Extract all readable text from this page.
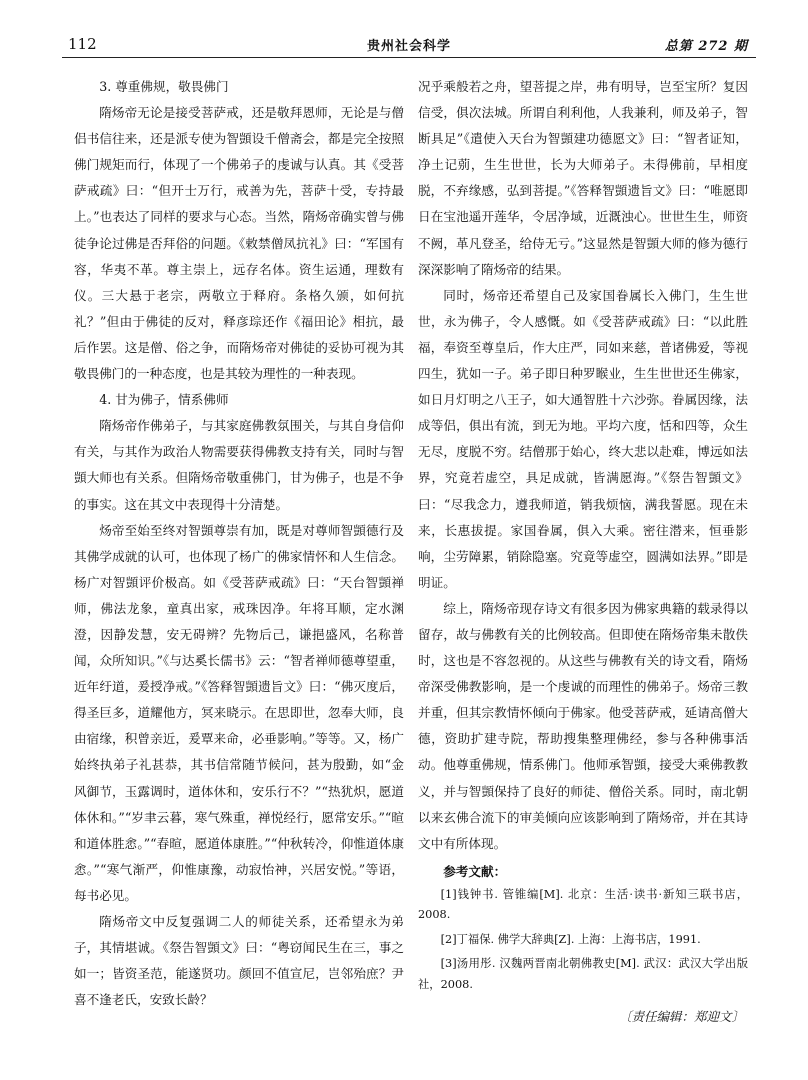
112	贵州社会科学	总第 272 期

3. 尊重佛规，敬畏佛门

隋炀帝无论是接受菩萨戒，还是敬拜恩师，无论是与僧侣书信往来，还是派专使为智顗设千僧斋会，都是完全按照佛门规矩而行，体现了一个佛弟子的虔诚与认真。其《受菩萨戒疏》曰：“但开士万行，戒善为先，菩萨十受，专持最上。”也表达了同样的要求与心态。当然，隋炀帝确实曾与佛徒争论过佛是否拜俗的问题。《敕禁僧凤抗礼》曰：“军国有容，华夷不革。尊主崇上，远存名体。资生运通，理数有仪。三大悬于老宗，两敬立于释府。条格久颁，如何抗礼？”但由于佛徒的反对，释彦琮还作《福田论》相抗，最后作罢。这是僧、俗之争，而隋炀帝对佛徒的妥协可视为其敬畏佛门的一种态度，也是其较为理性的一种表现。

4. 甘为佛子，情系佛师

隋炀帝作佛弟子，与其家庭佛教氛围关，与其自身信仰有关，与其作为政治人物需要获得佛教支持有关，同时与智顗大师也有关系。但隋炀帝敬重佛门，甘为佛子，也是不争的事实。这在其文中表现得十分清楚。

炀帝至始至终对智顗尊崇有加，既是对尊师智顗德行及其佛学成就的认可，也体现了杨广的佛家情怀和人生信念。杨广对智顗评价极高。如《受菩萨戒疏》曰：“天台智顗禅师，佛法龙象，童真出家，戒珠因净。年将耳顺，定水渊澄，因静发慧，安无碍辨？先物后己，谦挹盛风，名称普闻，众所知识。”《与达奚长儒书》云：“智者禅师德尊望重，近年纡道，爰授净戒。”《答释智顗遗旨文》曰：“佛灭度后，得圣巨多，道耀他方，冥来晓示。在思即世，忽奉大师，良由宿缘，积曾亲近，爰覃来命，必垂影响。”等等。又，杨广始终执弟子礼甚恭，其书信常随节候问，甚为殷勤，如“金风御节，玉露调时，道体休和，安乐行不？”“热犹炽，愿道体休和。”“岁聿云暮，寒气殊重，禅悦经行，愿常安乐。”“暄和道体胜悆。”“春暄，愿道体康胜。”“仲秋转冷，仰惟道体康悆。”“寒气渐严，仰惟康豫，动寂怡神，兴居安悦。”等语，每书必见。

隋炀帝文中反复强调二人的师徒关系，还希望永为弟子，其情堪诚。《祭告智顗文》曰：“粤窃闻民生在三，事之如一；皆资圣范，能遂贤功。颜回不值宣尼，岂邻殆庶？尹喜不逢老氏，安致长龄？

况乎乘般若之舟，望菩提之岸，弗有明导，岂至宝所？复因信受，俱次法城。所谓自利利他，人我兼利，师及弟子，智断具足”《遣使入天台为智顗建功德愿文》曰：“智者证知，净土记莂，生生世世，长为大师弟子。未得佛前，早相度脱，不弃缘感，弘到菩提。”《答释智顗遗旨文》曰：“唯愿即日在宝池遥开莲华，令居净域，近溉浊心。世世生生，师资不阙，革凡登圣，给侍无亏。”这显然是智顗大师的修为德行深深影响了隋炀帝的结果。

同时，炀帝还希望自己及家国眷属长入佛门，生生世世，永为佛子，令人感慨。如《受菩萨戒疏》曰：“以此胜福，奉资至尊皇后，作大庄严，同如来慈，普诸佛爱，等视四生，犹如一子。弟子即日种罗睺业，生生世世还生佛家，如日月灯明之八王子，如大通智胜十六沙弥。眷属因缘，法成等侣，俱出有流，到无为地。平均六度，恬和四等，众生无尽，度脱不穷。结僧那于始心，终大悲以赴难，博远如法界，究竟若虚空，具足成就，皆满愿海。”《祭告智顗文》曰：“尽我念力，遵我师道，销我烦恼，满我誓愿。现在未来，长惠拔提。家国眷属，俱入大乘。密往潜来，恒垂影响，尘劳障累，销除隐塞。究竟等虚空，圆满如法界。”即是明证。

综上，隋炀帝现存诗文有很多因为佛家典籍的载录得以留存，故与佛教有关的比例较高。但即使在隋炀帝集未散佚时，这也是不容忽视的。从这些与佛教有关的诗文看，隋炀帝深受佛教影响，是一个虔诚的而理性的佛弟子。炀帝三教并重，但其宗教情怀倾向于佛家。他受菩萨戒，延请高僧大德，资助扩建寺院，帮助搜集整理佛经，参与各种佛事活动。他尊重佛规，情系佛门。他师承智顗，接受大乘佛教教义，并与智顗保持了良好的师徒、僧俗关系。同时，南北朝以来玄佛合流下的审美倾向应该影响到了隋炀帝，并在其诗文中有所体现。

参考文献：
[1]钱钟书. 管锥编[M]. 北京：生活·读书·新知三联书店，2008.
[2]丁福保. 佛学大辞典[Z]. 上海：上海书店，1991.
[3]汤用彤. 汉魏两晋南北朝佛教史[M]. 武汉：武汉大学出版社，2008.
〔责任编辑：郑迎文〕
